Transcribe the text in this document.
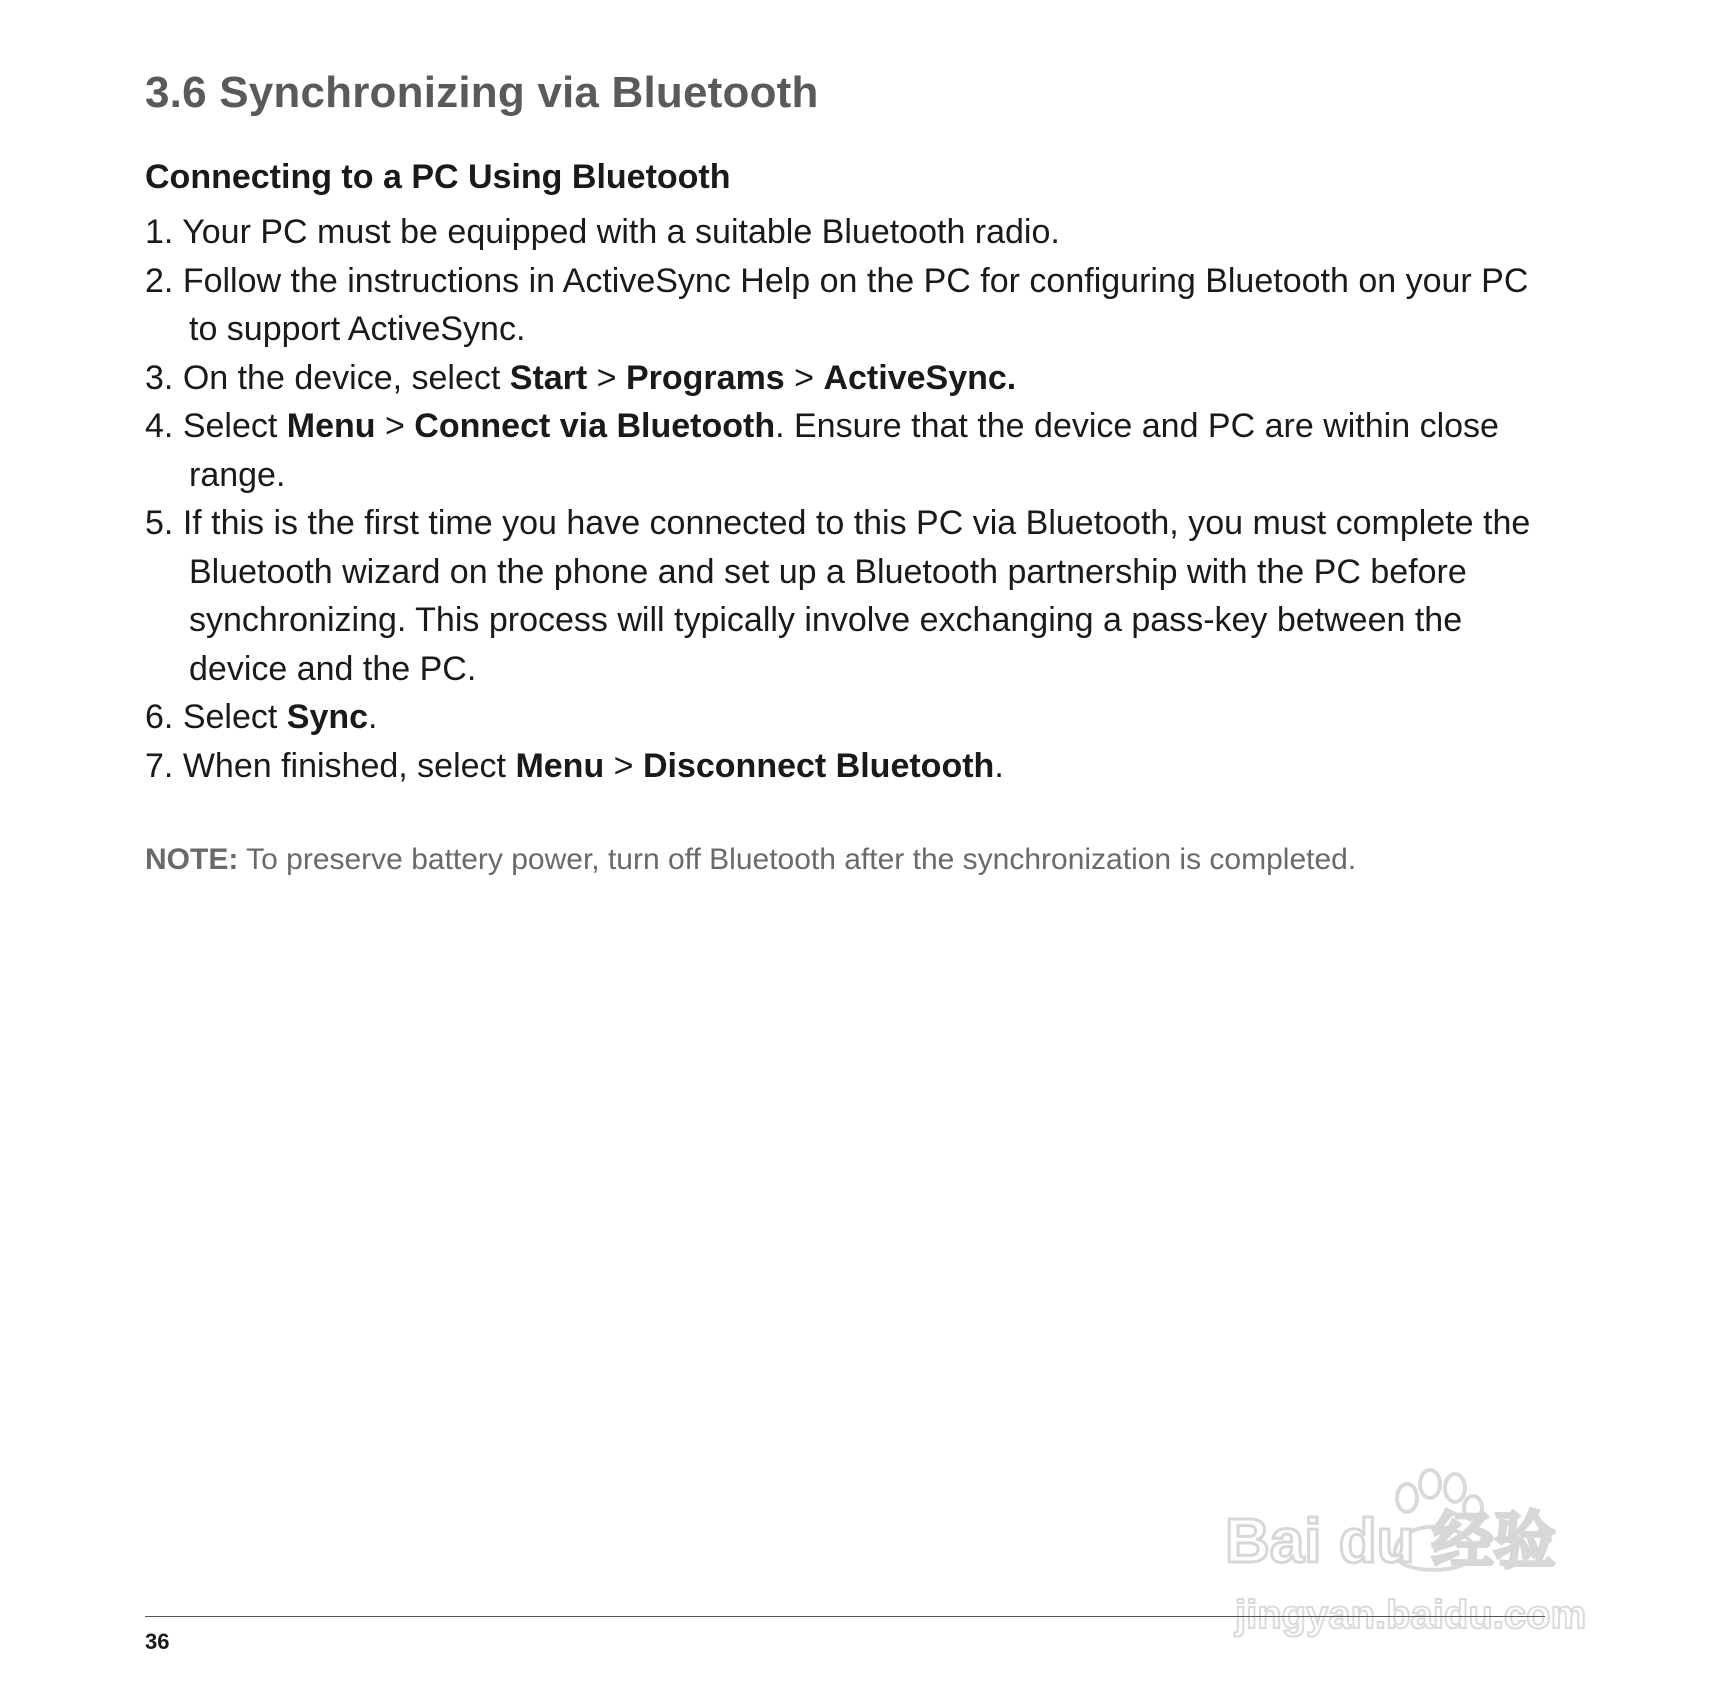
3.6 Synchronizing via Bluetooth
Connecting to a PC Using Bluetooth
1. Your PC must be equipped with a suitable Bluetooth radio.
2. Follow the instructions in ActiveSync Help on the PC for configuring Bluetooth on your PC to support ActiveSync.
3. On the device, select Start > Programs > ActiveSync.
4. Select Menu > Connect via Bluetooth. Ensure that the device and PC are within close range.
5. If this is the first time you have connected to this PC via Bluetooth, you must complete the Bluetooth wizard on the phone and set up a Bluetooth partnership with the PC before synchronizing. This process will typically involve exchanging a pass-key between the device and the PC.
6. Select Sync.
7. When finished, select Menu > Disconnect Bluetooth.

NOTE: To preserve battery power, turn off Bluetooth after the synchronization is completed.

Bai du 经验
jingyan.baidu.com
36
